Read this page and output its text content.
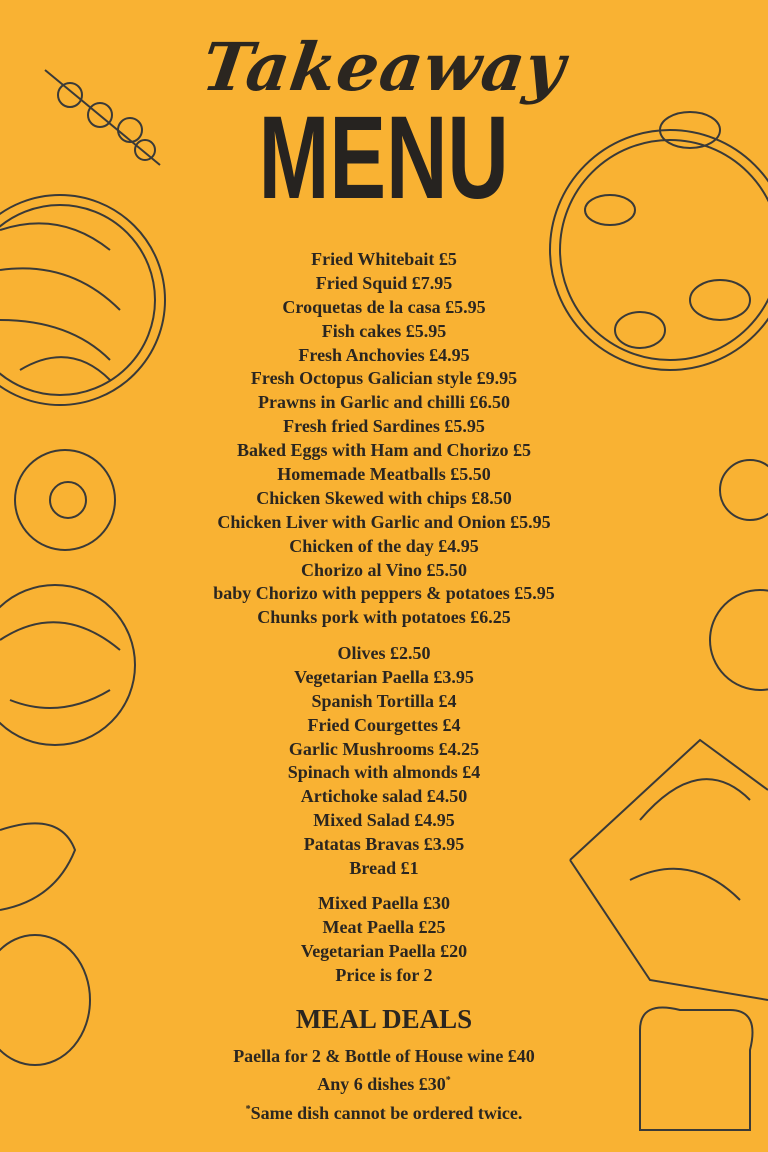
Takeaway
MENU
Fried Whitebait £5
Fried Squid £7.95
Croquetas de la casa £5.95
Fish cakes £5.95
Fresh Anchovies £4.95
Fresh Octopus Galician style £9.95
Prawns in Garlic and chilli £6.50
Fresh fried Sardines £5.95
Baked Eggs with Ham and Chorizo £5
Homemade Meatballs £5.50
Chicken Skewed with chips £8.50
Chicken Liver with Garlic and Onion £5.95
Chicken of the day £4.95
Chorizo al Vino £5.50
baby Chorizo with peppers & potatoes £5.95
Chunks pork with potatoes £6.25
Olives £2.50
Vegetarian Paella £3.95
Spanish Tortilla £4
Fried Courgettes £4
Garlic Mushrooms £4.25
Spinach with almonds £4
Artichoke salad £4.50
Mixed Salad £4.95
Patatas Bravas £3.95
Bread £1
Mixed Paella £30
Meat Paella £25
Vegetarian Paella £20
Price is for 2
MEAL DEALS
Paella for 2 & Bottle of House wine £40
Any 6 dishes £30*
*Same dish cannot be ordered twice.
